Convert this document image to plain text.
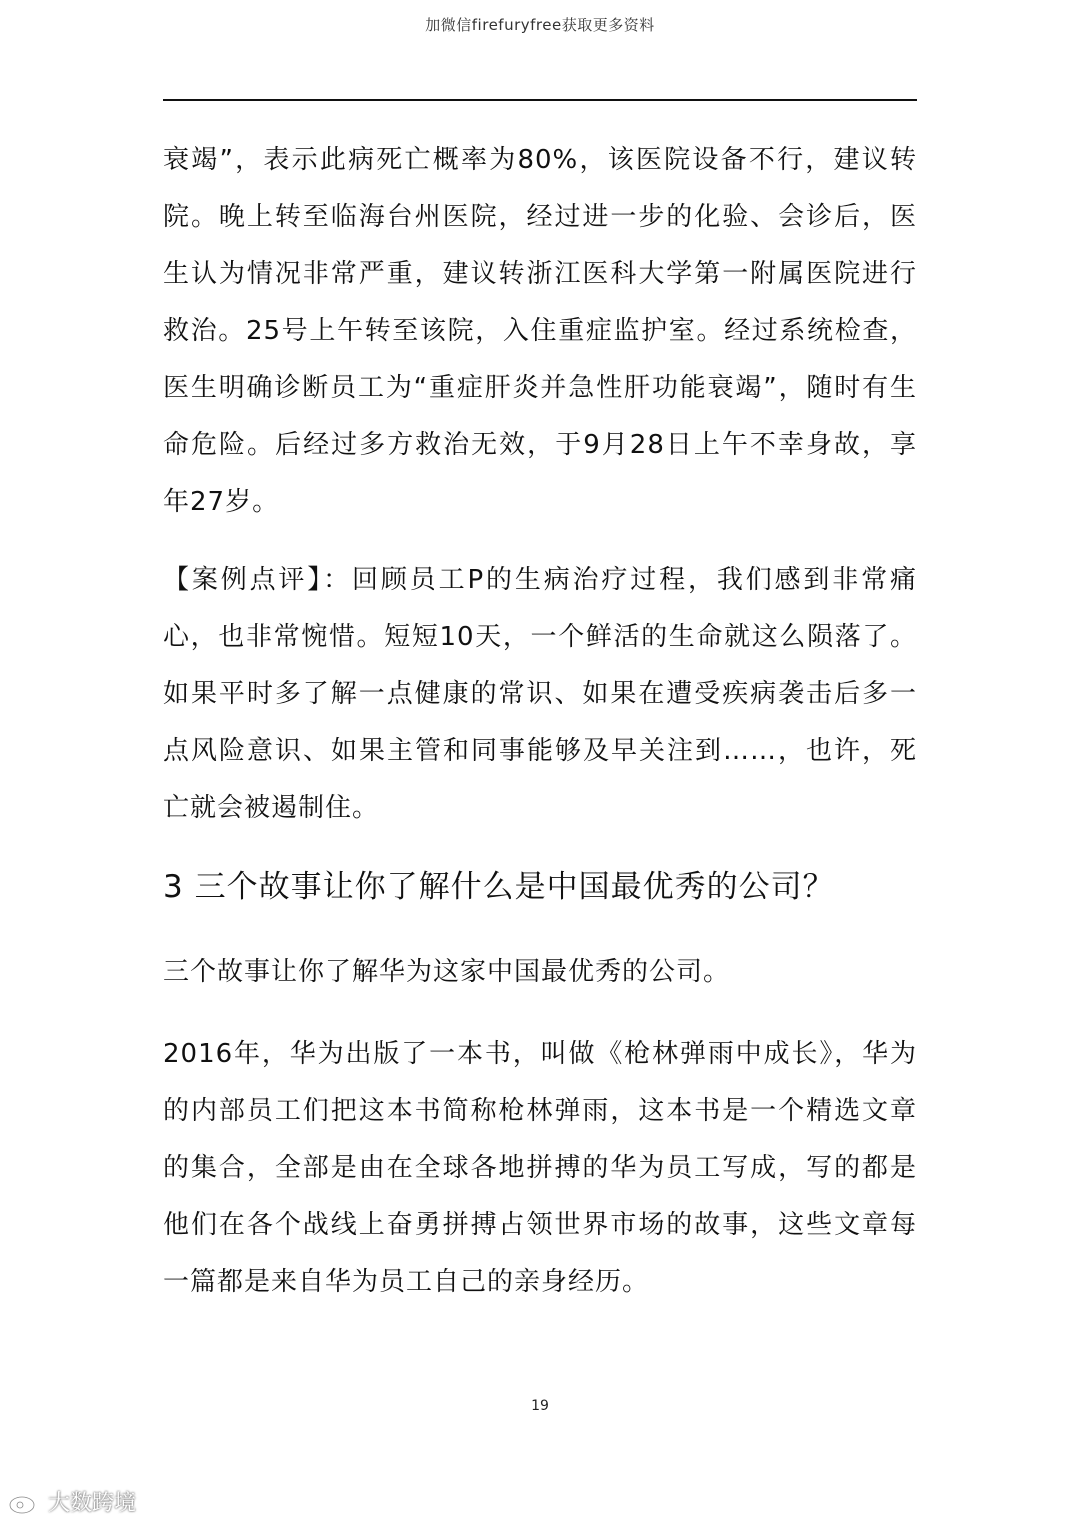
加微信firefuryfree获取更多资料

衰竭”，表示此病死亡概率为80%，该医院设备不行，建议转院。晚上转至临海台州医院，经过进一步的化验、会诊后，医生认为情况非常严重，建议转浙江医科大学第一附属医院进行救治。25号上午转至该院，入住重症监护室。经过系统检查，医生明确诊断员工为“重症肝炎并急性肝功能衰竭”，随时有生命危险。后经过多方救治无效，于9月28日上午不幸身故，享年27岁。

【案例点评】：回顾员工P的生病治疗过程，我们感到非常痛心，也非常惋惜。短短10天，一个鲜活的生命就这么陨落了。如果平时多了解一点健康的常识、如果在遭受疾病袭击后多一点风险意识、如果主管和同事能够及早关注到……，也许，死亡就会被遏制住。

3 三个故事让你了解什么是中国最优秀的公司？

三个故事让你了解华为这家中国最优秀的公司。

2016年，华为出版了一本书，叫做《枪林弹雨中成长》，华为的内部员工们把这本书简称枪林弹雨，这本书是一个精选文章的集合，全部是由在全球各地拼搏的华为员工写成，写的都是他们在各个战线上奋勇拼搏占领世界市场的故事，这些文章每一篇都是来自华为员工自己的亲身经历。

19
大数跨境
